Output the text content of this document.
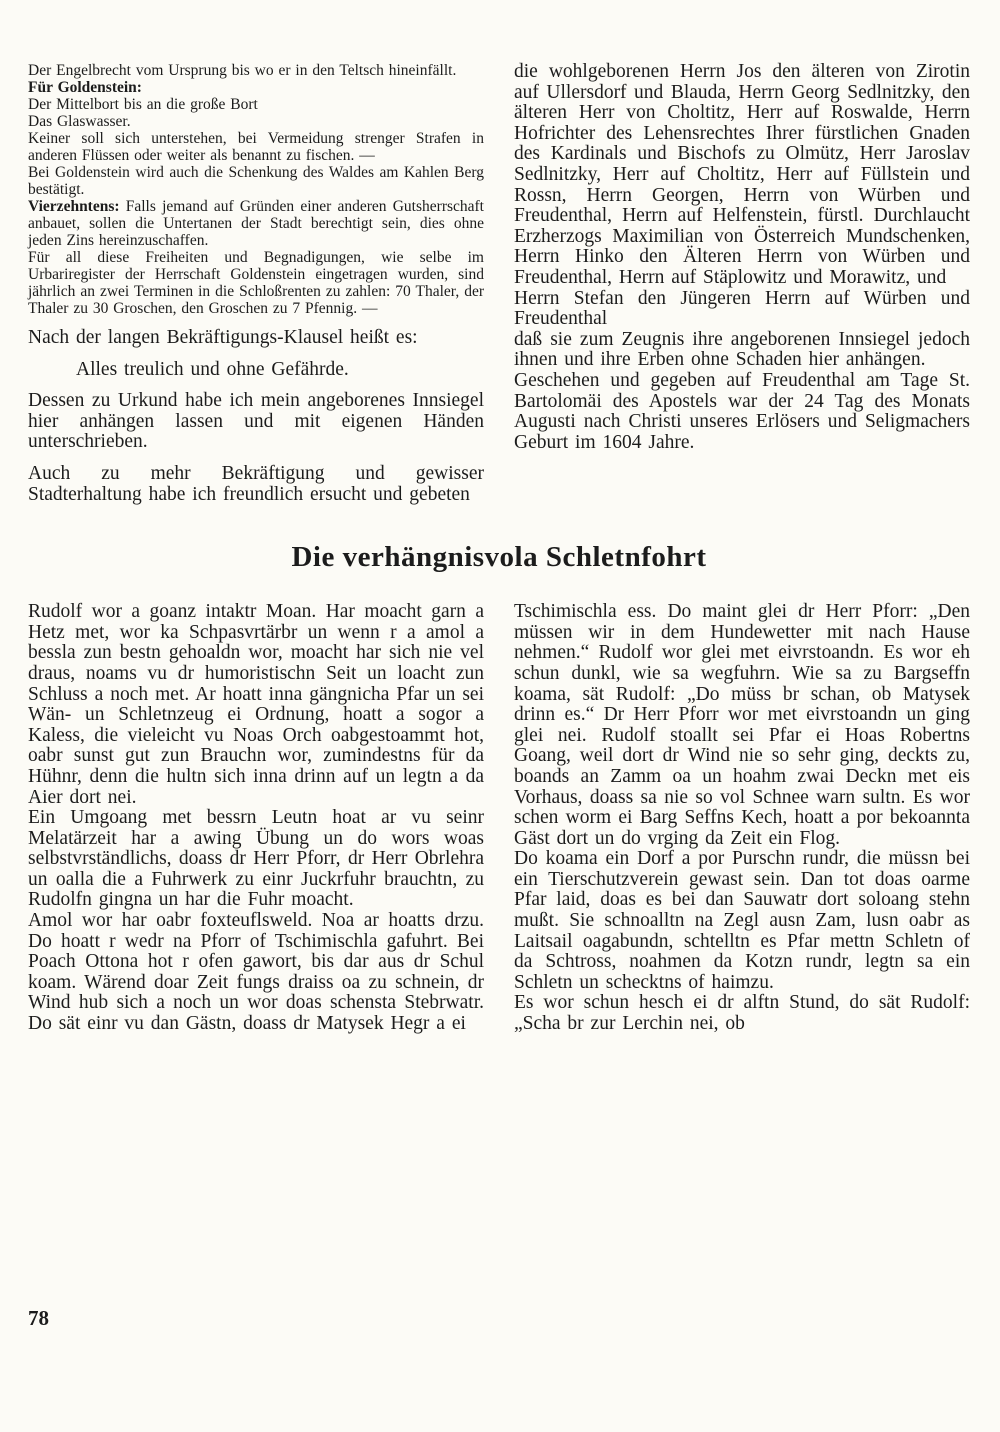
Der Engelbrecht vom Ursprung bis wo er in den Teltsch hineinfällt.

Für Goldenstein:

Der Mittelbort bis an die große Bort

Das Glaswasser.

Keiner soll sich unterstehen, bei Vermeidung strenger Strafen in anderen Flüssen oder weiter als benannt zu fischen. —

Bei Goldenstein wird auch die Schenkung des Waldes am Kahlen Berg bestätigt.

Vierzehntens: Falls jemand auf Gründen einer anderen Gutsherrschaft anbauet, sollen die Untertanen der Stadt berechtigt sein, dies ohne jeden Zins hereinzuschaffen.

Für all diese Freiheiten und Begnadigungen, wie selbe im Urbariregister der Herrschaft Goldenstein eingetragen wurden, sind jährlich an zwei Terminen in die Schloßrenten zu zahlen: 70 Thaler, der Thaler zu 30 Groschen, den Groschen zu 7 Pfennig. —

Nach der langen Bekräftigungs-Klausel heißt es:

Alles treulich und ohne Gefährde.

Dessen zu Urkund habe ich mein angeborenes Innsiegel hier anhängen lassen und mit eigenen Händen unterschrieben.

Auch zu mehr Bekräftigung und gewisser Stadterhaltung habe ich freundlich ersucht und gebeten

die wohlgeborenen Herrn Jos den älteren von Zirotin auf Ullersdorf und Blauda, Herrn Georg Sedlnitzky, den älteren Herr von Choltitz, Herr auf Roswalde, Herrn Hofrichter des Lehensrechtes Ihrer fürstlichen Gnaden des Kardinals und Bischofs zu Olmütz, Herr Jaroslav Sedlnitzky, Herr auf Choltitz, Herr auf Füllstein und Rossn, Herrn Georgen, Herrn von Würben und Freudenthal, Herrn auf Helfenstein, fürstl. Durchlaucht Erzherzogs Maximilian von Österreich Mundschenken, Herrn Hinko den Älteren Herrn von Würben und Freudenthal, Herrn auf Stäplowitz und Morawitz, und

Herrn Stefan den Jüngeren Herrn auf Würben und Freudenthal

daß sie zum Zeugnis ihre angeborenen Innsiegel jedoch ihnen und ihre Erben ohne Schaden hier anhängen.

Geschehen und gegeben auf Freudenthal am Tage St. Bartolomäi des Apostels war der 24 Tag des Monats Augusti nach Christi unseres Erlösers und Seligmachers Geburt im 1604 Jahre.

Die verhängnisvola Schletnfohrt

Rudolf wor a goanz intaktr Moan. Har moacht garn a Hetz met, wor ka Schpasvrtärbr un wenn r a amol a bessla zun bestn gehoaldn wor, moacht har sich nie vel draus, noams vu dr humoristischn Seit un loacht zun Schluss a noch met. Ar hoatt inna gängnicha Pfar un sei Wän- un Schletnzeug ei Ordnung, hoatt a sogor a Kaless, die vieleicht vu Noas Orch oabgestoammt hot, oabr sunst gut zun Brauchn wor, zumindestns für da Hühnr, denn die hultn sich inna drinn auf un legtn a da Aier dort nei.

Ein Umgoang met bessrn Leutn hoat ar vu seinr Melatärzeit har a awing Übung un do wors woas selbstvrständlichs, doass dr Herr Pforr, dr Herr Obrlehra un oalla die a Fuhrwerk zu einr Juckrfuhr brauchtn, zu Rudolfn gingna un har die Fuhr moacht.

Amol wor har oabr foxteuflsweld. Noa ar hoatts drzu. Do hoatt r wedr na Pforr of Tschimischla gafuhrt. Bei Poach Ottona hot r ofen gawort, bis dar aus dr Schul koam. Wärend doar Zeit fungs draiss oa zu schnein, dr Wind hub sich a noch un wor doas schensta Stebrwatr. Do sät einr vu dan Gästn, doass dr Matysek Hegr a ei

Tschimischla ess. Do maint glei dr Herr Pforr: „Den müssen wir in dem Hundewetter mit nach Hause nehmen.“ Rudolf wor glei met eivrstoandn. Es wor eh schun dunkl, wie sa wegfuhrn. Wie sa zu Bargseffn koama, sät Rudolf: „Do müss br schan, ob Matysek drinn es.“ Dr Herr Pforr wor met eivrstoandn un ging glei nei. Rudolf stoallt sei Pfar ei Hoas Robertns Goang, weil dort dr Wind nie so sehr ging, deckts zu, boands an Zamm oa un hoahm zwai Deckn met eis Vorhaus, doass sa nie so vol Schnee warn sultn. Es wor schen worm ei Barg Seffns Kech, hoatt a por bekoannta Gäst dort un do vrging da Zeit ein Flog.

Do koama ein Dorf a por Purschn rundr, die müssn bei ein Tierschutzverein gewast sein. Dan tot doas oarme Pfar laid, doas es bei dan Sauwatr dort soloang stehn mußt. Sie schnoalltn na Zegl ausn Zam, lusn oabr as Laitsail oagabundn, schtelltn es Pfar mettn Schletn of da Schtross, noahmen da Kotzn rundr, legtn sa ein Schletn un schecktns of haimzu.

Es wor schun hesch ei dr alftn Stund, do sät Rudolf: „Scha br zur Lerchin nei, ob

78
